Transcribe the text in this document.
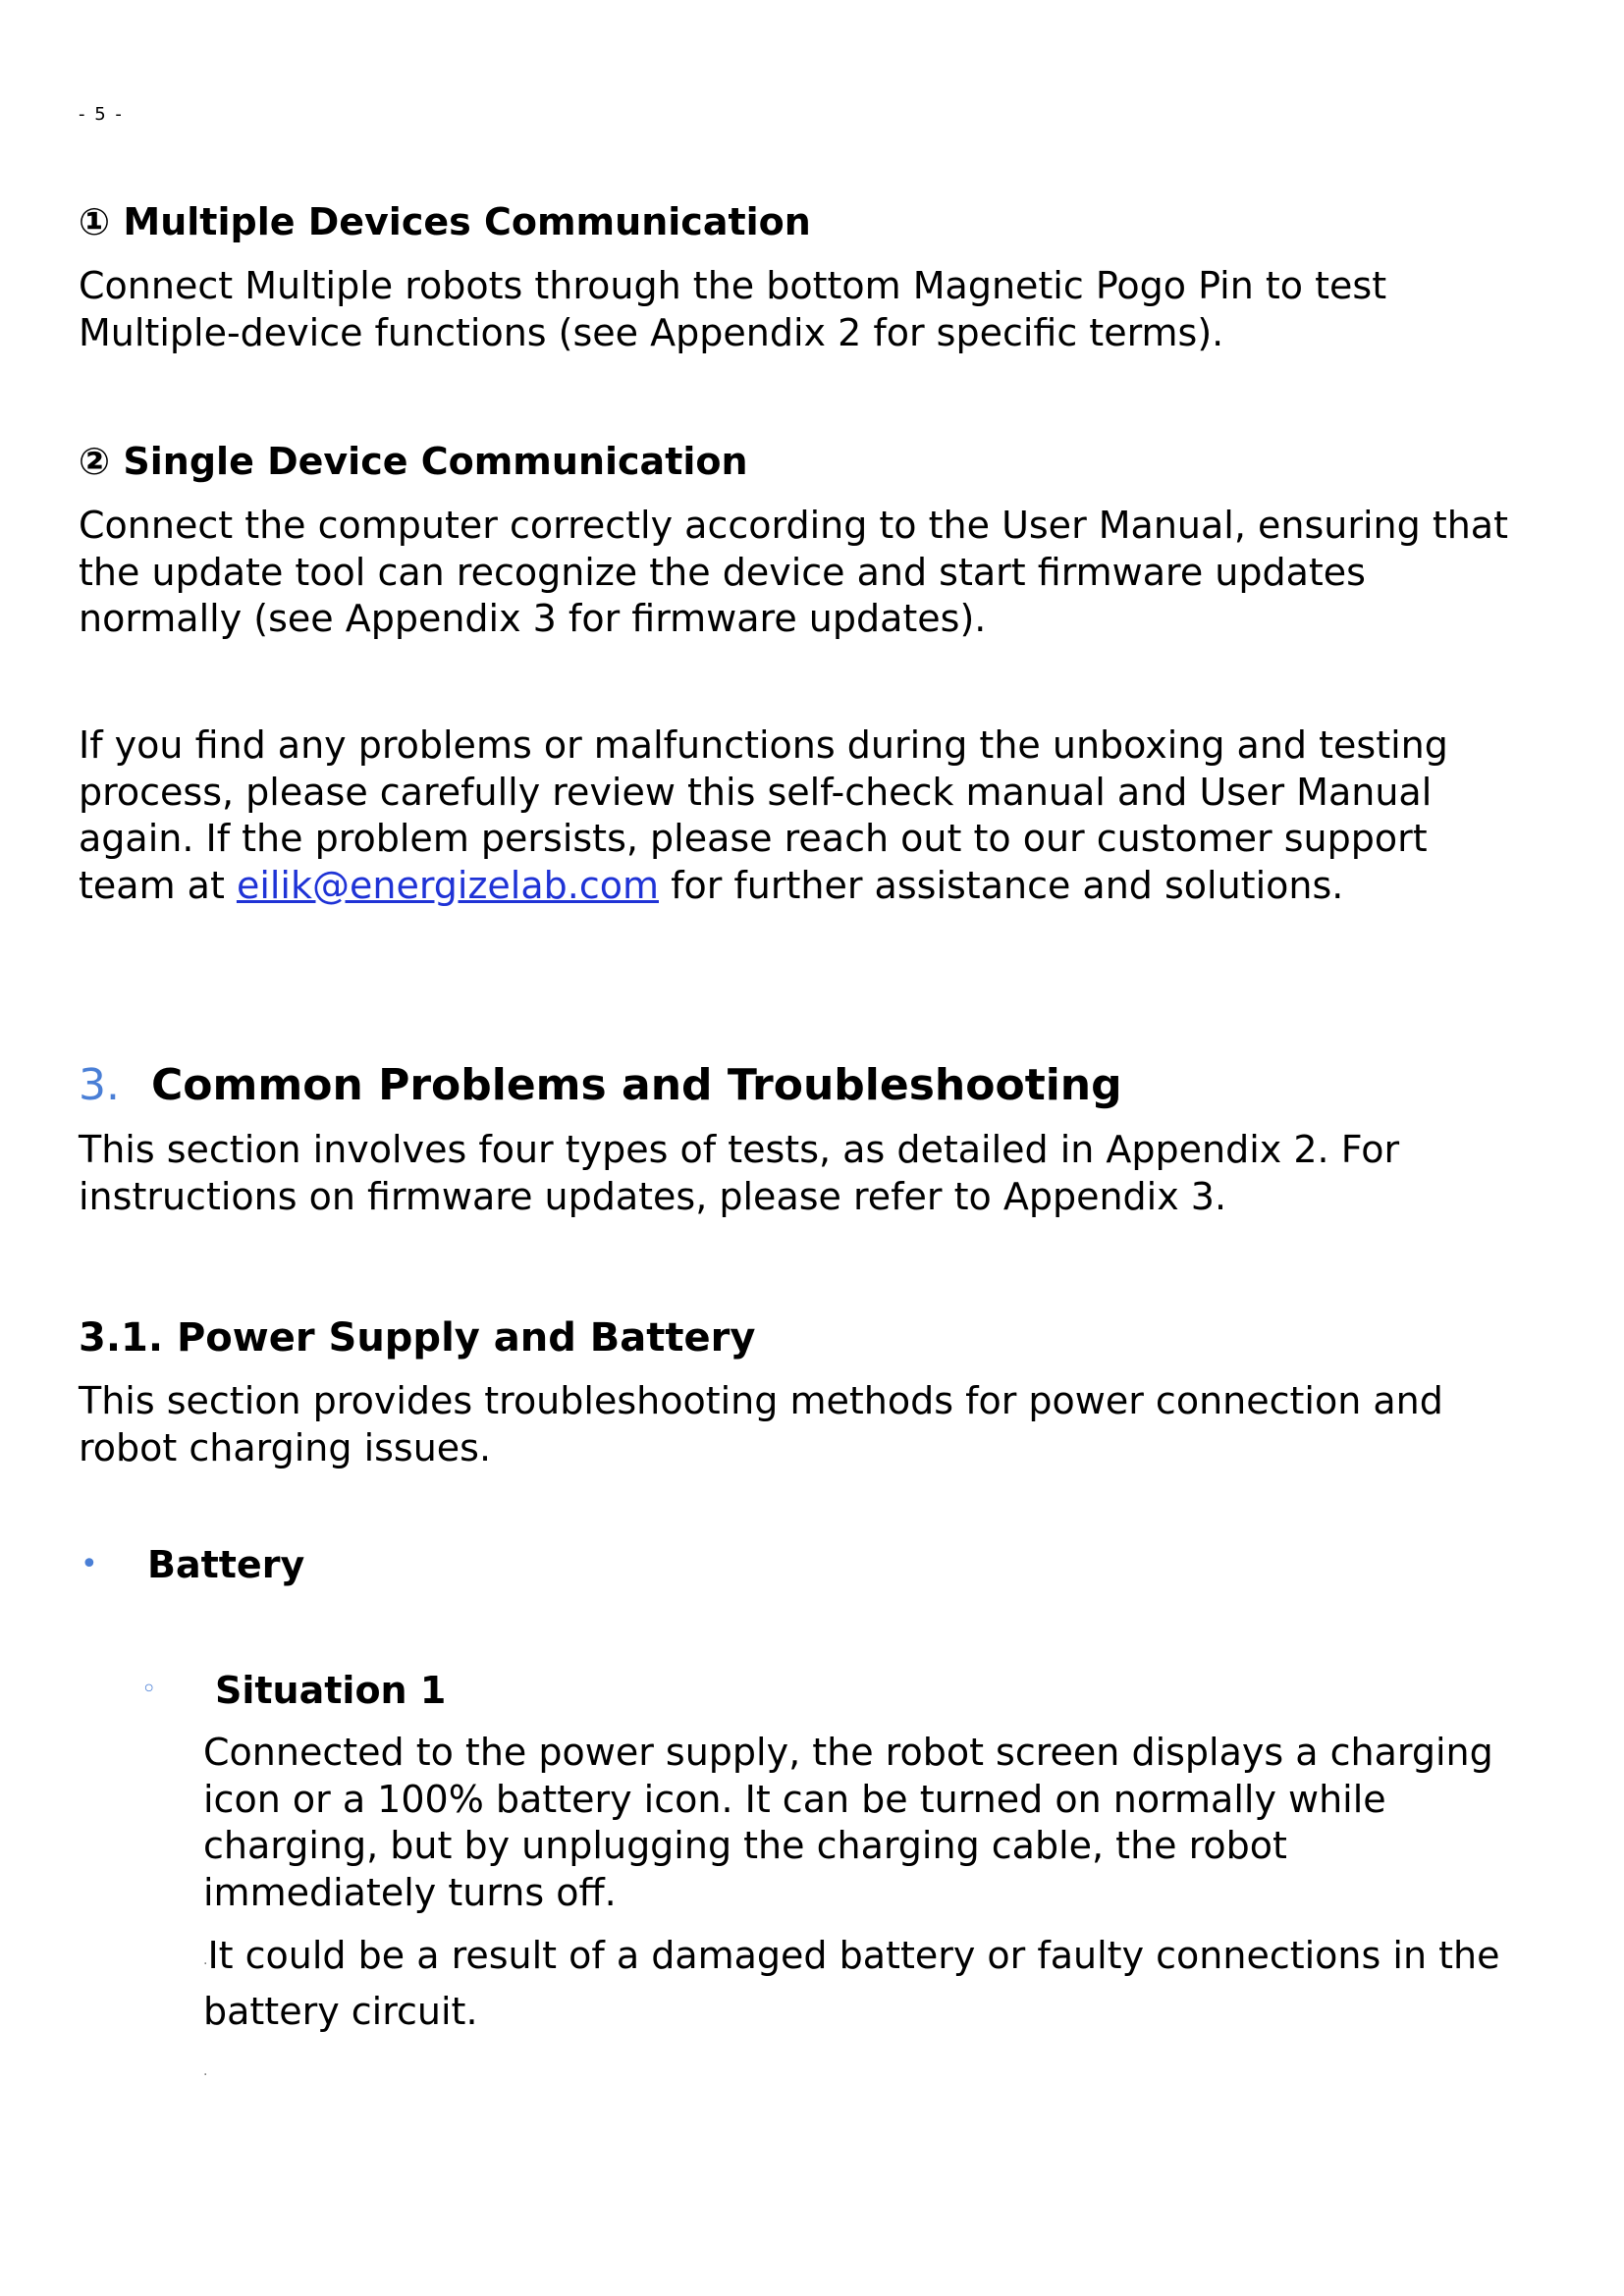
- 5 -
① Multiple Devices Communication
Connect Multiple robots through the bottom Magnetic Pogo Pin to test
Multiple-device functions (see Appendix 2 for specific terms).
② Single Device Communication
Connect the computer correctly according to the User Manual, ensuring that
the update tool can recognize the device and start firmware updates
normally (see Appendix 3 for firmware updates).
If you find any problems or malfunctions during the unboxing and testing
process, please carefully review this self-check manual and User Manual
again. If the problem persists, please reach out to our customer support
team at eilik@energizelab.com for further assistance and solutions.
3. Common Problems and Troubleshooting
This section involves four types of tests, as detailed in Appendix 2. For
instructions on firmware updates, please refer to Appendix 3.
3.1. Power Supply and Battery
This section provides troubleshooting methods for power connection and
robot charging issues.
• Battery
◦ Situation 1
Connected to the power supply, the robot screen displays a charging
icon or a 100% battery icon. It can be turned on normally while
charging, but by unplugging the charging cable, the robot
immediately turns off.
·It could be a result of a damaged battery or faulty connections in the
battery circuit.
·
